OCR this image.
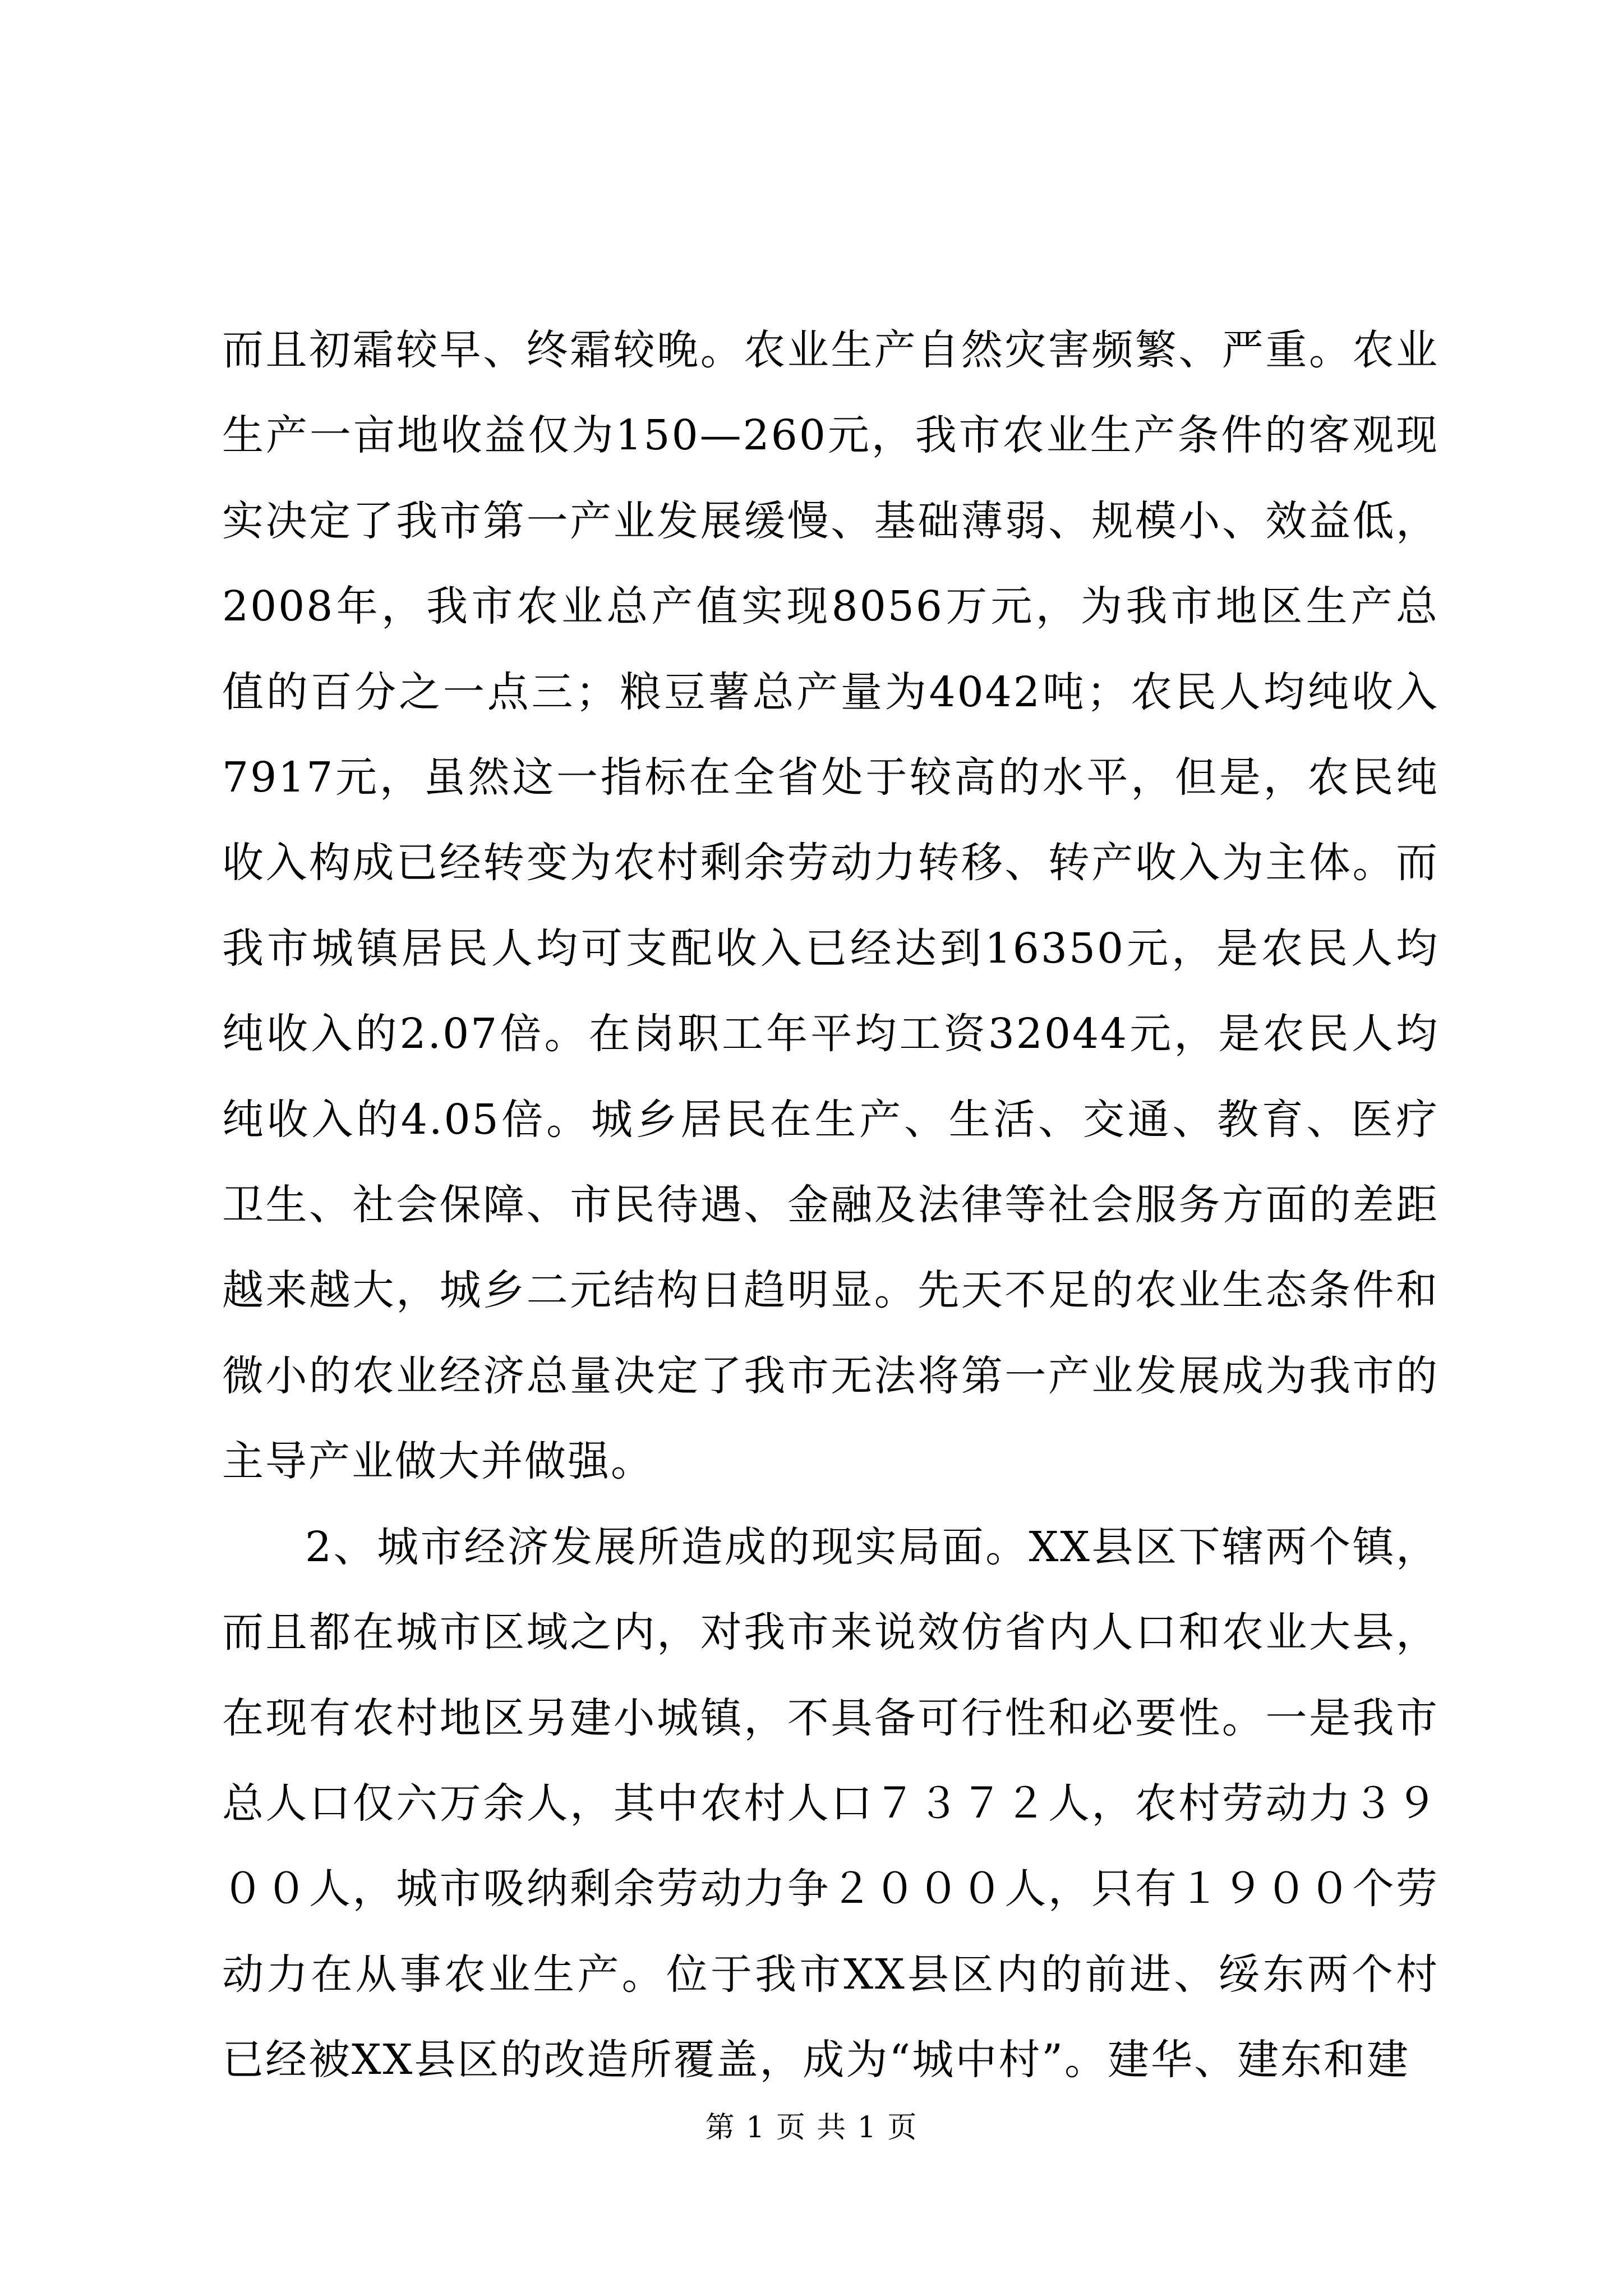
而且初霜较早、终霜较晚。农业生产自然灾害频繁、严重。农业生产一亩地收益仅为150—260元，我市农业生产条件的客观现实决定了我市第一产业发展缓慢、基础薄弱、规模小、效益低，2008年，我市农业总产值实现8056万元，为我市地区生产总值的百分之一点三；粮豆薯总产量为4042吨；农民人均纯收入7917元，虽然这一指标在全省处于较高的水平，但是，农民纯收入构成已经转变为农村剩余劳动力转移、转产收入为主体。而我市城镇居民人均可支配收入已经达到16350元，是农民人均纯收入的2.07倍。在岗职工年平均工资32044元，是农民人均纯收入的4.05倍。城乡居民在生产、生活、交通、教育、医疗卫生、社会保障、市民待遇、金融及法律等社会服务方面的差距越来越大，城乡二元结构日趋明显。先天不足的农业生态条件和微小的农业经济总量决定了我市无法将第一产业发展成为我市的主导产业做大并做强。

2、城市经济发展所造成的现实局面。XX县区下辖两个镇，而且都在城市区域之内，对我市来说效仿省内人口和农业大县，在现有农村地区另建小城镇，不具备可行性和必要性。一是我市总人口仅六万余人，其中农村人口７３７２人，农村劳动力３９００人，城市吸纳剩余劳动力争２０００人，只有１９００个劳动力在从事农业生产。位于我市XX县区内的前进、绥东两个村已经被XX县区的改造所覆盖，成为“城中村”。建华、建东和建

第 1 页 共 1 页
